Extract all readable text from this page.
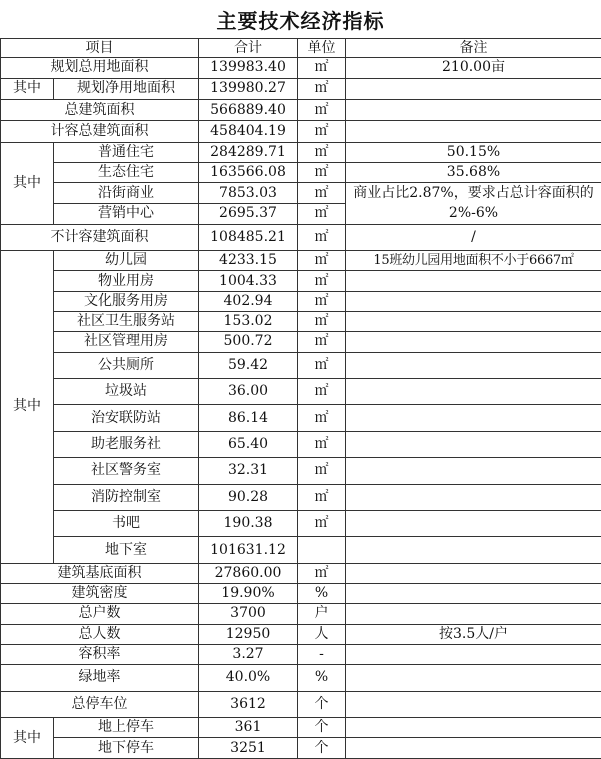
主要技术经济指标
项目		合计	单位	备注
规划总用地面积		139983.40	㎡	210.00亩
其中	规划净用地面积	139980.27	㎡	
总建筑面积		566889.40	㎡	
计容总建筑面积		458404.19	㎡	
其中	普通住宅	284289.71	㎡	50.15%
	生态住宅	163566.08	㎡	35.68%
	沿街商业	7853.03	㎡	商业占比2.87%，要求占总计容面积的2%-6%
	营销中心	2695.37	㎡	
不计容建筑面积		108485.21	㎡	/
其中	幼儿园	4233.15	㎡	15班幼儿园用地面积不小于6667㎡
	物业用房	1004.33	㎡	
	文化服务用房	402.94	㎡	
	社区卫生服务站	153.02	㎡	
	社区管理用房	500.72	㎡	
	公共厕所	59.42	㎡	
	垃圾站	36.00	㎡	
	治安联防站	86.14	㎡	
	助老服务社	65.40	㎡	
	社区警务室	32.31	㎡	
	消防控制室	90.28	㎡	
	书吧	190.38	㎡	
	地下室	101631.12		
建筑基底面积		27860.00	㎡	
建筑密度		19.90%	%	
总户数		3700	户	
总人数		12950	人	按3.5人/户
容积率		3.27	-	
绿地率		40.0%	%	
总停车位		3612	个	
其中	地上停车	361	个	
	地下停车	3251	个	
